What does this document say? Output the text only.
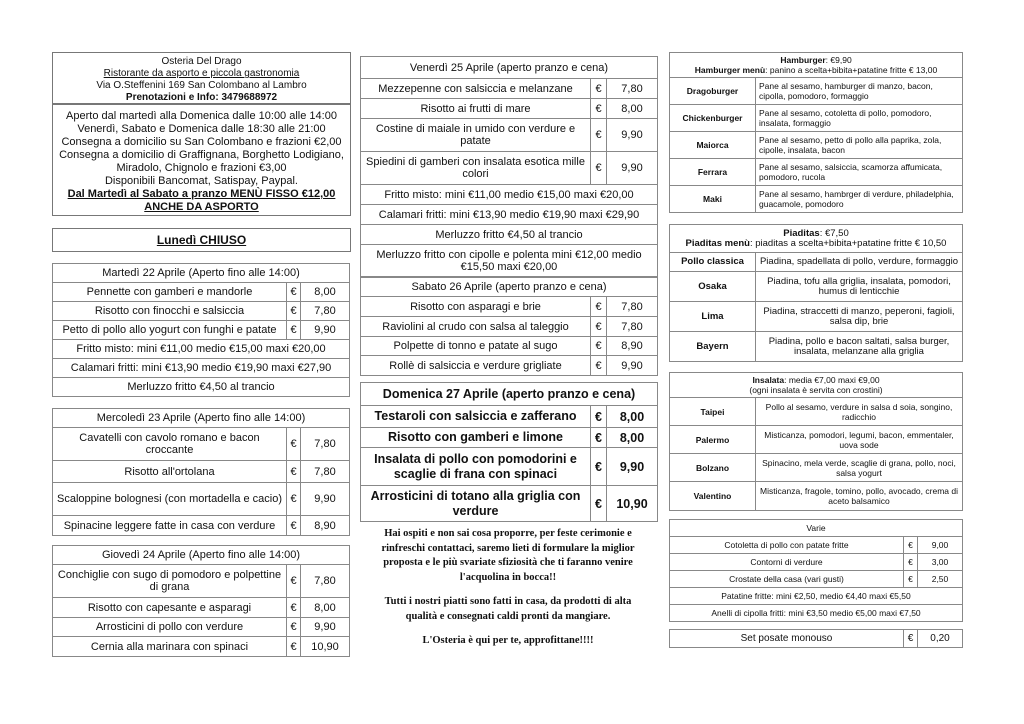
Osteria Del Drago
Ristorante da asporto e piccola gastronomia
Via O.Steffenini 169 San Colombano al Lambro
Prenotazioni e Info: 3479688972
Aperto dal martedì alla Domenica dalle 10:00 alle 14:00
Venerdì, Sabato e Domenica dalle 18:30 alle 21:00
Consegna a domicilio su San Colombano e frazioni €2,00
Consegna a domicilio di Graffignana, Borghetto Lodigiano,
Miradolo, Chignolo e frazioni €3,00
Disponibili Bancomat, Satispay, Paypal.
Dal Martedì al Sabato a pranzo MENÙ FISSO €12,00
ANCHE DA ASPORTO
Lunedì CHIUSO
Martedì 22 Aprile (Aperto fino alle 14:00)		
Pennette con gamberi e mandorle	€	8,00
Risotto con finocchi e salsiccia	€	7,80
Petto di pollo allo yogurt con funghi e patate	€	9,90
Fritto misto: mini €11,00 medio €15,00 maxi €20,00		
Calamari fritti: mini €13,90 medio €19,90 maxi €27,90		
Merluzzo fritto €4,50 al trancio		
Mercoledì 23 Aprile (Aperto fino alle 14:00)		
Cavatelli con cavolo romano e bacon croccante	€	7,80
Risotto all'ortolana	€	7,80
Scaloppine bolognesi (con mortadella e cacio)	€	9,90
Spinacine leggere fatte in casa con verdure	€	8,90
Giovedì 24 Aprile (Aperto fino alle 14:00)		
Conchiglie con sugo di pomodoro e polpettine di grana	€	7,80
Risotto con capesante e asparagi	€	8,00
Arrosticini di pollo con verdure	€	9,90
Cernia alla marinara con spinaci	€	10,90
Venerdì 25 Aprile (aperto pranzo e cena)		
Mezzepenne con salsiccia e melanzane	€	7,80
Risotto ai frutti di mare	€	8,00
Costine di maiale in umido con verdure e patate	€	9,90
Spiedini di gamberi con insalata esotica mille colori	€	9,90
Fritto misto: mini €11,00 medio €15,00 maxi €20,00		
Calamari fritti: mini €13,90 medio €19,90 maxi €29,90		
Merluzzo fritto €4,50 al trancio		
Merluzzo fritto con cipolle e polenta mini €12,00 medio €15,50 maxi €20,00		
Sabato 26 Aprile (aperto pranzo e cena)		
Risotto con asparagi e brie	€	7,80
Raviolini al crudo con salsa al taleggio	€	7,80
Polpette di tonno e patate al sugo	€	8,90
Rollè di salsiccia e verdure grigliate	€	9,90
Domenica 27 Aprile (aperto pranzo e cena)		
Testaroli con salsiccia e zafferano	€	8,00
Risotto con gamberi e limone	€	8,00
Insalata di pollo con pomodorini e scaglie di frana con spinaci	€	9,90
Arrosticini di totano alla griglia con verdure	€	10,90
Hai ospiti e non sai cosa proporre, per feste cerimonie e rinfreschi contattaci, saremo lieti di formulare la miglior proposta e le più svariate sfiziosità che ti faranno venire l'acquolina in bocca!!
Tutti i nostri piatti sono fatti in casa, da prodotti di alta qualità e consegnati caldi pronti da mangiare.
L'Osteria è qui per te, approfittane!!!!
Hamburger: €9,90
Hamburger menù: panino a scelta+bibita+patatine fritte € 13,00	

Dragoburger	Pane al sesamo, hamburger di manzo, bacon, cipolla, pomodoro, formaggio
Chickenburger	Pane al sesamo, cotoletta di pollo, pomodoro, insalata, formaggio
Maiorca	Pane al sesamo, petto di pollo alla paprika, zola, cipolle, insalata, bacon
Ferrara	Pane al sesamo, salsiccia, scamorza affumicata, pomodoro, rucola
Maki	Pane al sesamo, hambrger di verdure, philadelphia, guacamole, pomodoro
Piaditas: €7,50
Piaditas menù: piaditas a scelta+bibita+patatine fritte € 10,50	

Pollo classica	Piadina, spadellata di pollo, verdure, formaggio
Osaka	Piadina, tofu alla griglia, insalata, pomodori, humus di lenticchie
Lima	Piadina, straccetti di manzo, peperoni, fagioli, salsa dip, brie
Bayern	Piadina, pollo e bacon saltati, salsa burger, insalata, melanzane alla griglia
Insalata: media €7,00 maxi €9,00
(ogni insalata è servita con crostini)	

Taipei	Pollo al sesamo, verdure in salsa d soia, songino, radicchio
Palermo	Misticanza, pomodori, legumi, bacon, emmentaler, uova sode
Bolzano	Spinacino, mela verde, scaglie di grana, pollo, noci, salsa yogurt
Valentino	Misticanza, fragole, tomino, pollo, avocado, crema di aceto balsamico
Varie		
Cotoletta di pollo con patate fritte	€	9,00
Contorni di verdure	€	3,00
Crostate della casa (vari gusti)	€	2,50
Patatine fritte: mini €2,50, medio €4,40 maxi €5,50		
Anelli di cipolla fritti: mini €3,50 medio €5,00 maxi €7,50		
Set posate monouso	€	0,20
